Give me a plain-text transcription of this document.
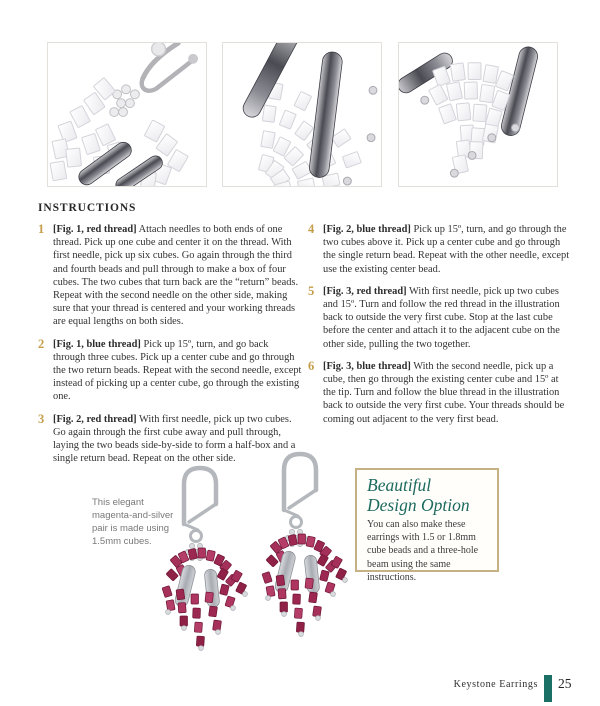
INSTRUCTIONS
1 [Fig. 1, red thread] Attach needles to both ends of one thread. Pick up one cube and center it on the thread. With first needle, pick up six cubes. Go again through the third and fourth beads and pull through to make a box of four cubes. The two cubes that turn back are the “return” beads. Repeat with the second needle on the other side, making sure that your thread is centered and your working threads are equal lengths on both sides.

2 [Fig. 1, blue thread] Pick up 15º, turn, and go back through three cubes. Pick up a center cube and go through the two return beads. Repeat with the second needle, except instead of picking up a center cube, go through the existing one.

3 [Fig. 2, red thread] With first needle, pick up two cubes. Go again through the first cube away and pull through, laying the two beads side-by-side to form a half-box and a single return bead. Repeat on the other side.

4 [Fig. 2, blue thread] Pick up 15º, turn, and go through the two cubes above it. Pick up a center cube and go through the single return bead. Repeat with the other needle, except use the existing center bead.

5 [Fig. 3, red thread] With first needle, pick up two cubes and 15º. Turn and follow the red thread in the illustration back to outside the very first cube. Stop at the last cube before the center and attach it to the adjacent cube on the other side, pulling the two together.

6 [Fig. 3, blue thread] With the second needle, pick up a cube, then go through the existing center cube and 15º at the tip. Turn and follow the blue thread in the illustration back to outside the very first cube. Your threads should be coming out adjacent to the very first bead.

This elegant magenta-and-silver pair is made using 1.5mm cubes.

Beautiful
Design Option

You can also make these earrings with 1.5 or 1.8mm cube beads and a three-hole beam using the same instructions.

Keystone Earrings 25
